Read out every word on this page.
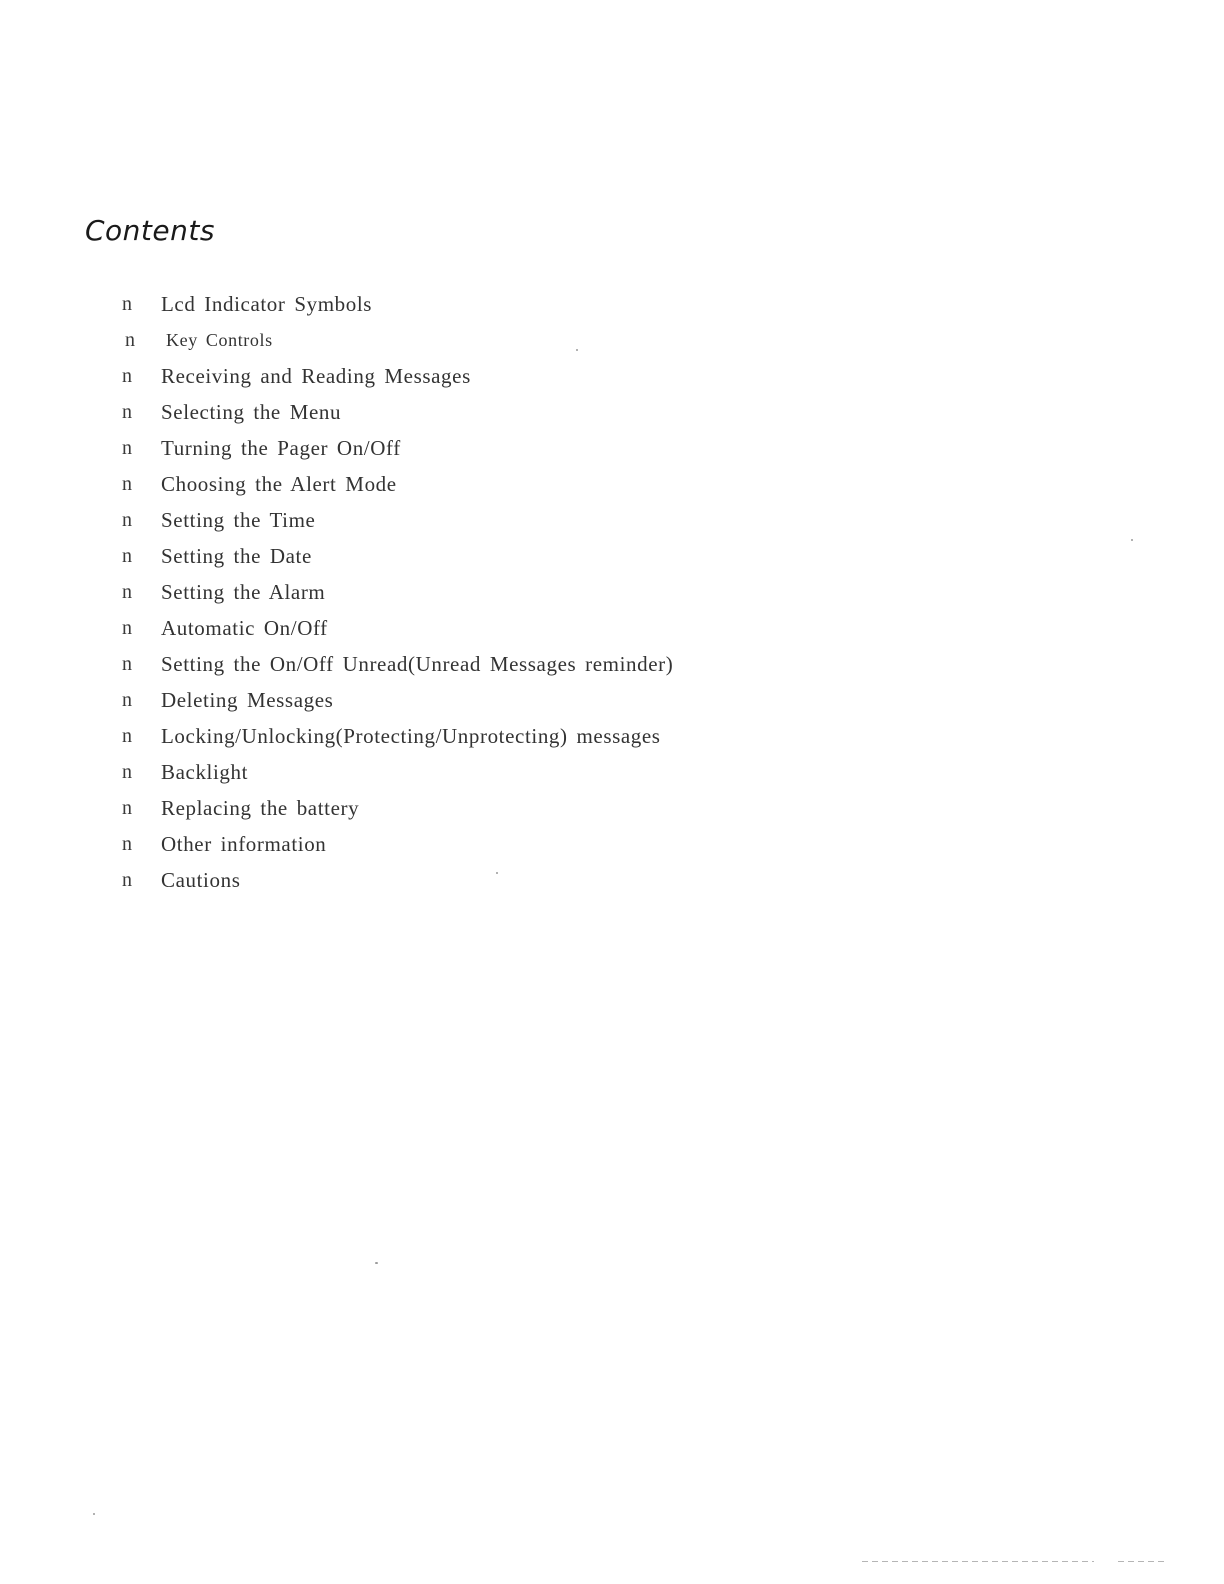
Contents
n	Lcd Indicator Symbols
n	Key Controls
n	Receiving and Reading Messages
n	Selecting the Menu
n	Turning the Pager On/Off
n	Choosing the Alert Mode
n	Setting the Time
n	Setting the Date
n	Setting the Alarm
n	Automatic On/Off
n	Setting the On/Off Unread(Unread Messages reminder)
n	Deleting Messages
n	Locking/Unlocking(Protecting/Unprotecting) messages
n	Backlight
n	Replacing the battery
n	Other information
n	Cautions
